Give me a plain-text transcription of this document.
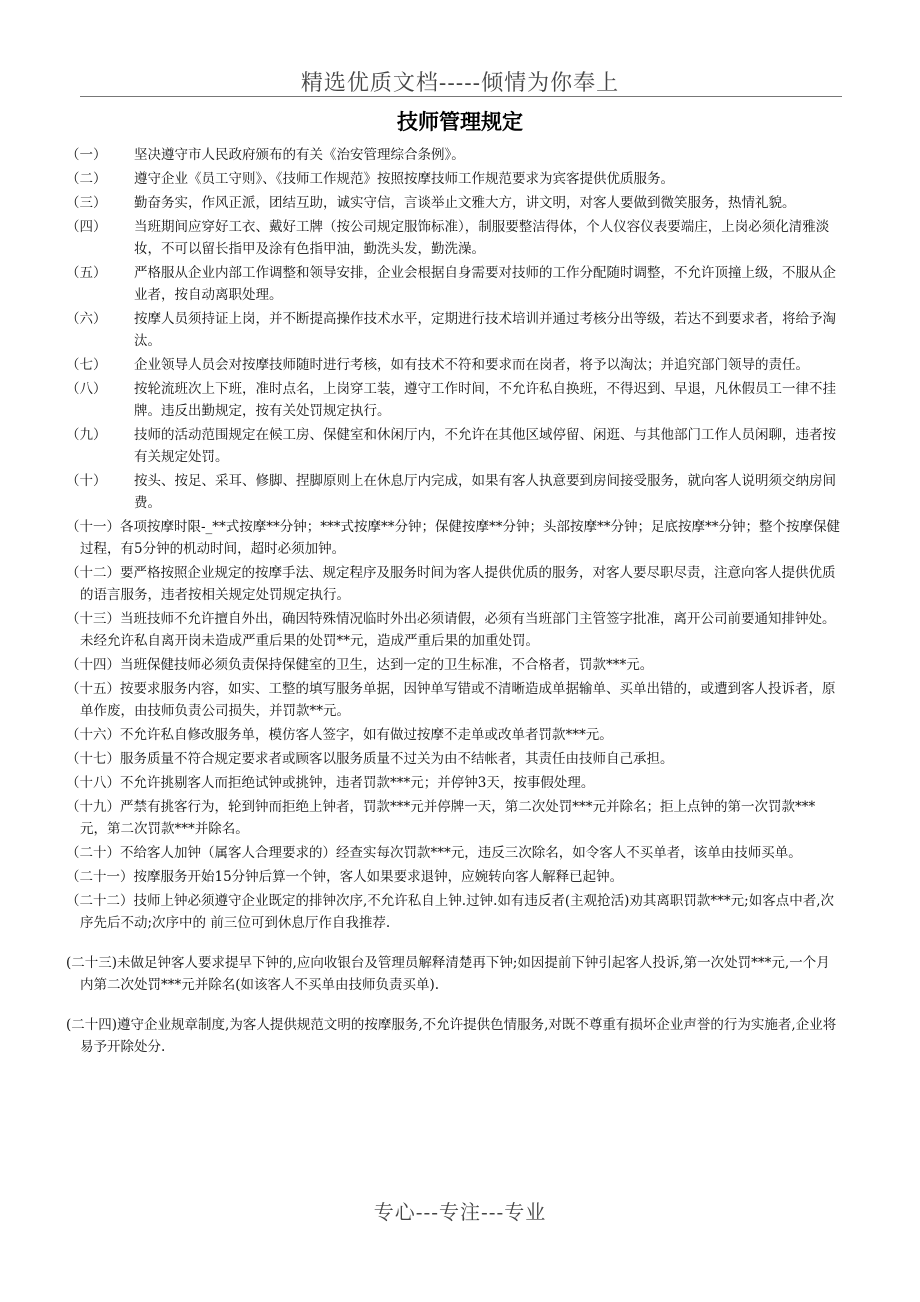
精选优质文档-----倾情为你奉上
技师管理规定
（一）	坚决遵守市人民政府颁布的有关《治安管理综合条例》。
（二）	遵守企业《员工守则》、《技师工作规范》按照按摩技师工作规范要求为宾客提供优质服务。
（三）	勤奋务实，作风正派，团结互助，诚实守信，言谈举止文雅大方，讲文明，对客人要做到微笑服务，热情礼貌。
（四）	当班期间应穿好工衣、戴好工牌（按公司规定服饰标准），制服要整洁得体，个人仪容仪表要端庄，上岗必须化清雅淡妆，不可以留长指甲及涂有色指甲油，勤洗头发，勤洗澡。
（五）	严格服从企业内部工作调整和领导安排，企业会根据自身需要对技师的工作分配随时调整，不允许顶撞上级，不服从企业者，按自动离职处理。
（六）	按摩人员须持证上岗，并不断提高操作技术水平，定期进行技术培训并通过考核分出等级，若达不到要求者，将给予淘汰。
（七）	企业领导人员会对按摩技师随时进行考核，如有技术不符和要求而在岗者，将予以淘汰；并追究部门领导的责任。
（八）	按轮流班次上下班，准时点名，上岗穿工装，遵守工作时间，不允许私自换班，不得迟到、早退，凡休假员工一律不挂牌。违反出勤规定，按有关处罚规定执行。
（九）	技师的活动范围规定在候工房、保健室和休闲厅内，不允许在其他区域停留、闲逛、与其他部门工作人员闲聊，违者按有关规定处罚。
（十）	按头、按足、采耳、修脚、捏脚原则上在休息厅内完成，如果有客人执意要到房间接受服务，就向客人说明须交纳房间费。
（十一）各项按摩时限-_**式按摩**分钟；***式按摩**分钟；保健按摩**分钟；头部按摩**分钟；足底按摩**分钟；整个按摩保健过程，有5分钟的机动时间，超时必须加钟。
（十二）要严格按照企业规定的按摩手法、规定程序及服务时间为客人提供优质的服务，对客人要尽职尽责，注意向客人提供优质的语言服务，违者按相关规定处罚规定执行。
（十三）当班技师不允许擅自外出，确因特殊情况临时外出必须请假，必须有当班部门主管签字批准，离开公司前要通知排钟处。未经允许私自离开岗未造成严重后果的处罚**元，造成严重后果的加重处罚。
（十四）当班保健技师必须负责保持保健室的卫生，达到一定的卫生标准，不合格者，罚款***元。
（十五）按要求服务内容，如实、工整的填写服务单据，因钟单写错或不清晰造成单据输单、买单出错的，或遭到客人投诉者，原单作废，由技师负责公司损失，并罚款**元。
（十六）不允许私自修改服务单，模仿客人签字，如有做过按摩不走单或改单者罚款***元。
（十七）服务质量不符合规定要求者或顾客以服务质量不过关为由不结帐者，其责任由技师自己承担。
（十八）不允许挑剔客人而拒绝试钟或挑钟，违者罚款***元；并停钟3天，按事假处理。
（十九）严禁有挑客行为，轮到钟而拒绝上钟者，罚款***元并停牌一天，第二次处罚***元并除名；拒上点钟的第一次罚款***元，第二次罚款***并除名。
（二十）不给客人加钟（属客人合理要求的）经查实每次罚款***元，违反三次除名，如令客人不买单者，该单由技师买单。
（二十一）按摩服务开始15分钟后算一个钟，客人如果要求退钟，应婉转向客人解释已起钟。
（二十二）技师上钟必须遵守企业既定的排钟次序,不允许私自上钟.过钟.如有违反者(主观抢活)劝其离职罚款***元;如客点中者,次序先后不动;次序中的 前三位可到休息厅作自我推荐.
(二十三)未做足钟客人要求提早下钟的,应向收银台及管理员解释清楚再下钟;如因提前下钟引起客人投诉,第一次处罚***元,一个月内第二次处罚***元并除名(如该客人不买单由技师负责买单).
(二十四)遵守企业规章制度,为客人提供规范文明的按摩服务,不允许提供色情服务,对既不尊重有损坏企业声誉的行为实施者,企业将易予开除处分.
专心---专注---专业
